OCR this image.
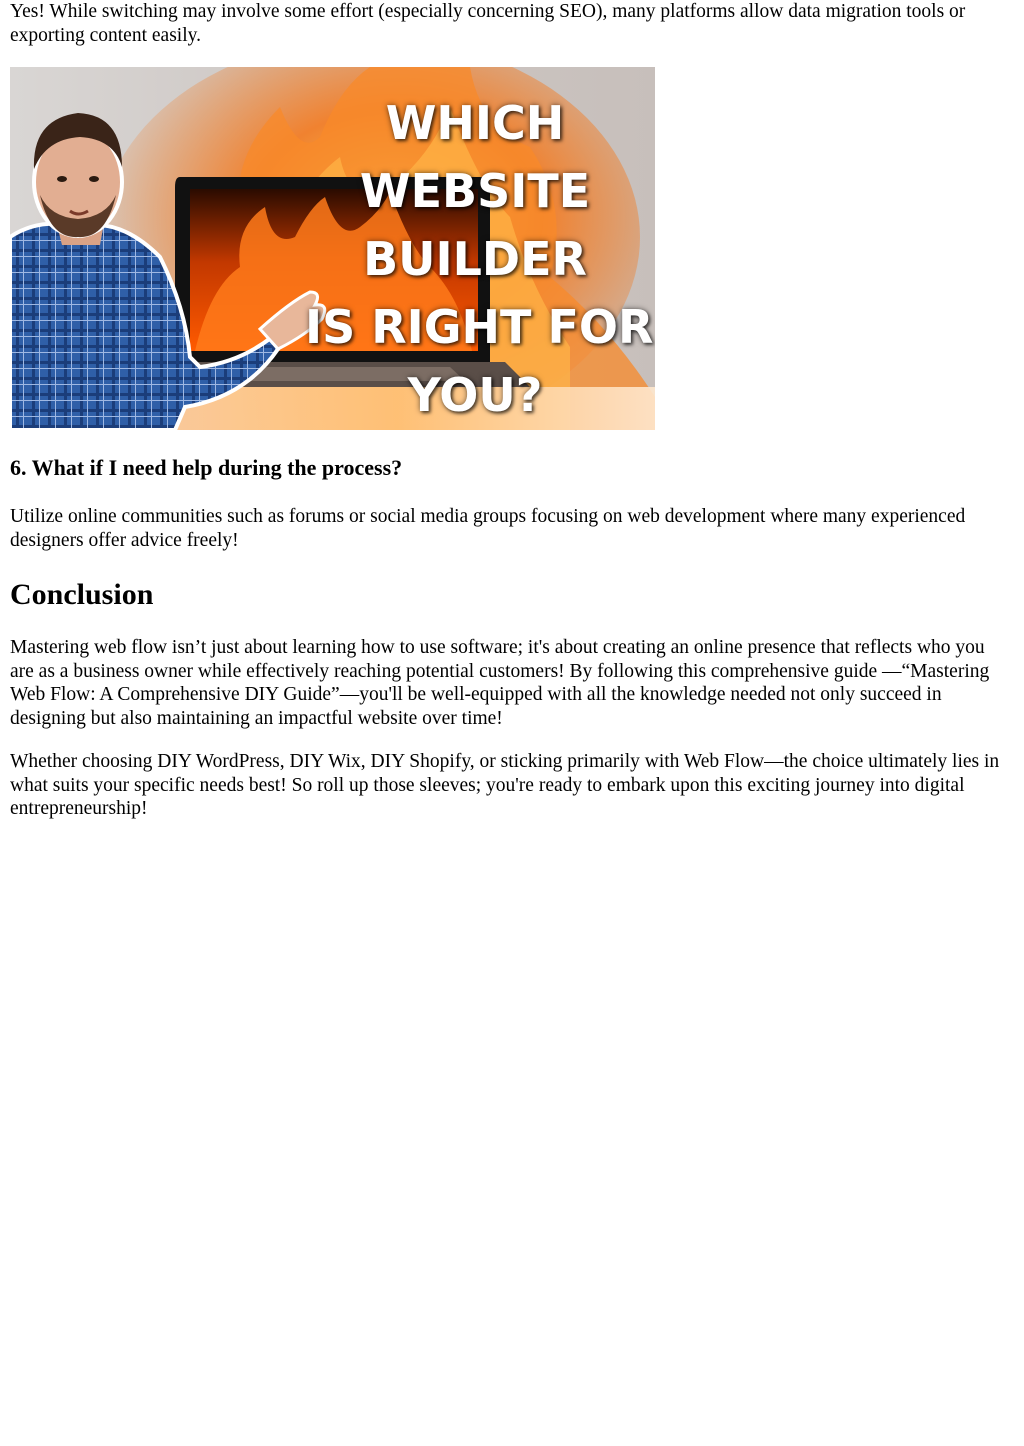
Yes! While switching may involve some effort (especially concerning SEO), many platforms allow data migration tools or exporting content easily.

WHICH
WEBSITE
BUILDER
IS RIGHT FOR
YOU?
6. What if I need help during the process?

Utilize online communities such as forums or social media groups focusing on web development where many experienced designers offer advice freely!

Conclusion

Mastering web flow isn’t just about learning how to use software; it's about creating an online presence that reflects who you are as a business owner while effectively reaching potential customers! By following this comprehensive guide —“Mastering Web Flow: A Comprehensive DIY Guide”—you'll be well-equipped with all the knowledge needed not only succeed in designing but also maintaining an impactful website over time!

Whether choosing DIY WordPress, DIY Wix, DIY Shopify, or sticking primarily with Web Flow—the choice ultimately lies in what suits your specific needs best! So roll up those sleeves; you're ready to embark upon this exciting journey into digital entrepreneurship!
